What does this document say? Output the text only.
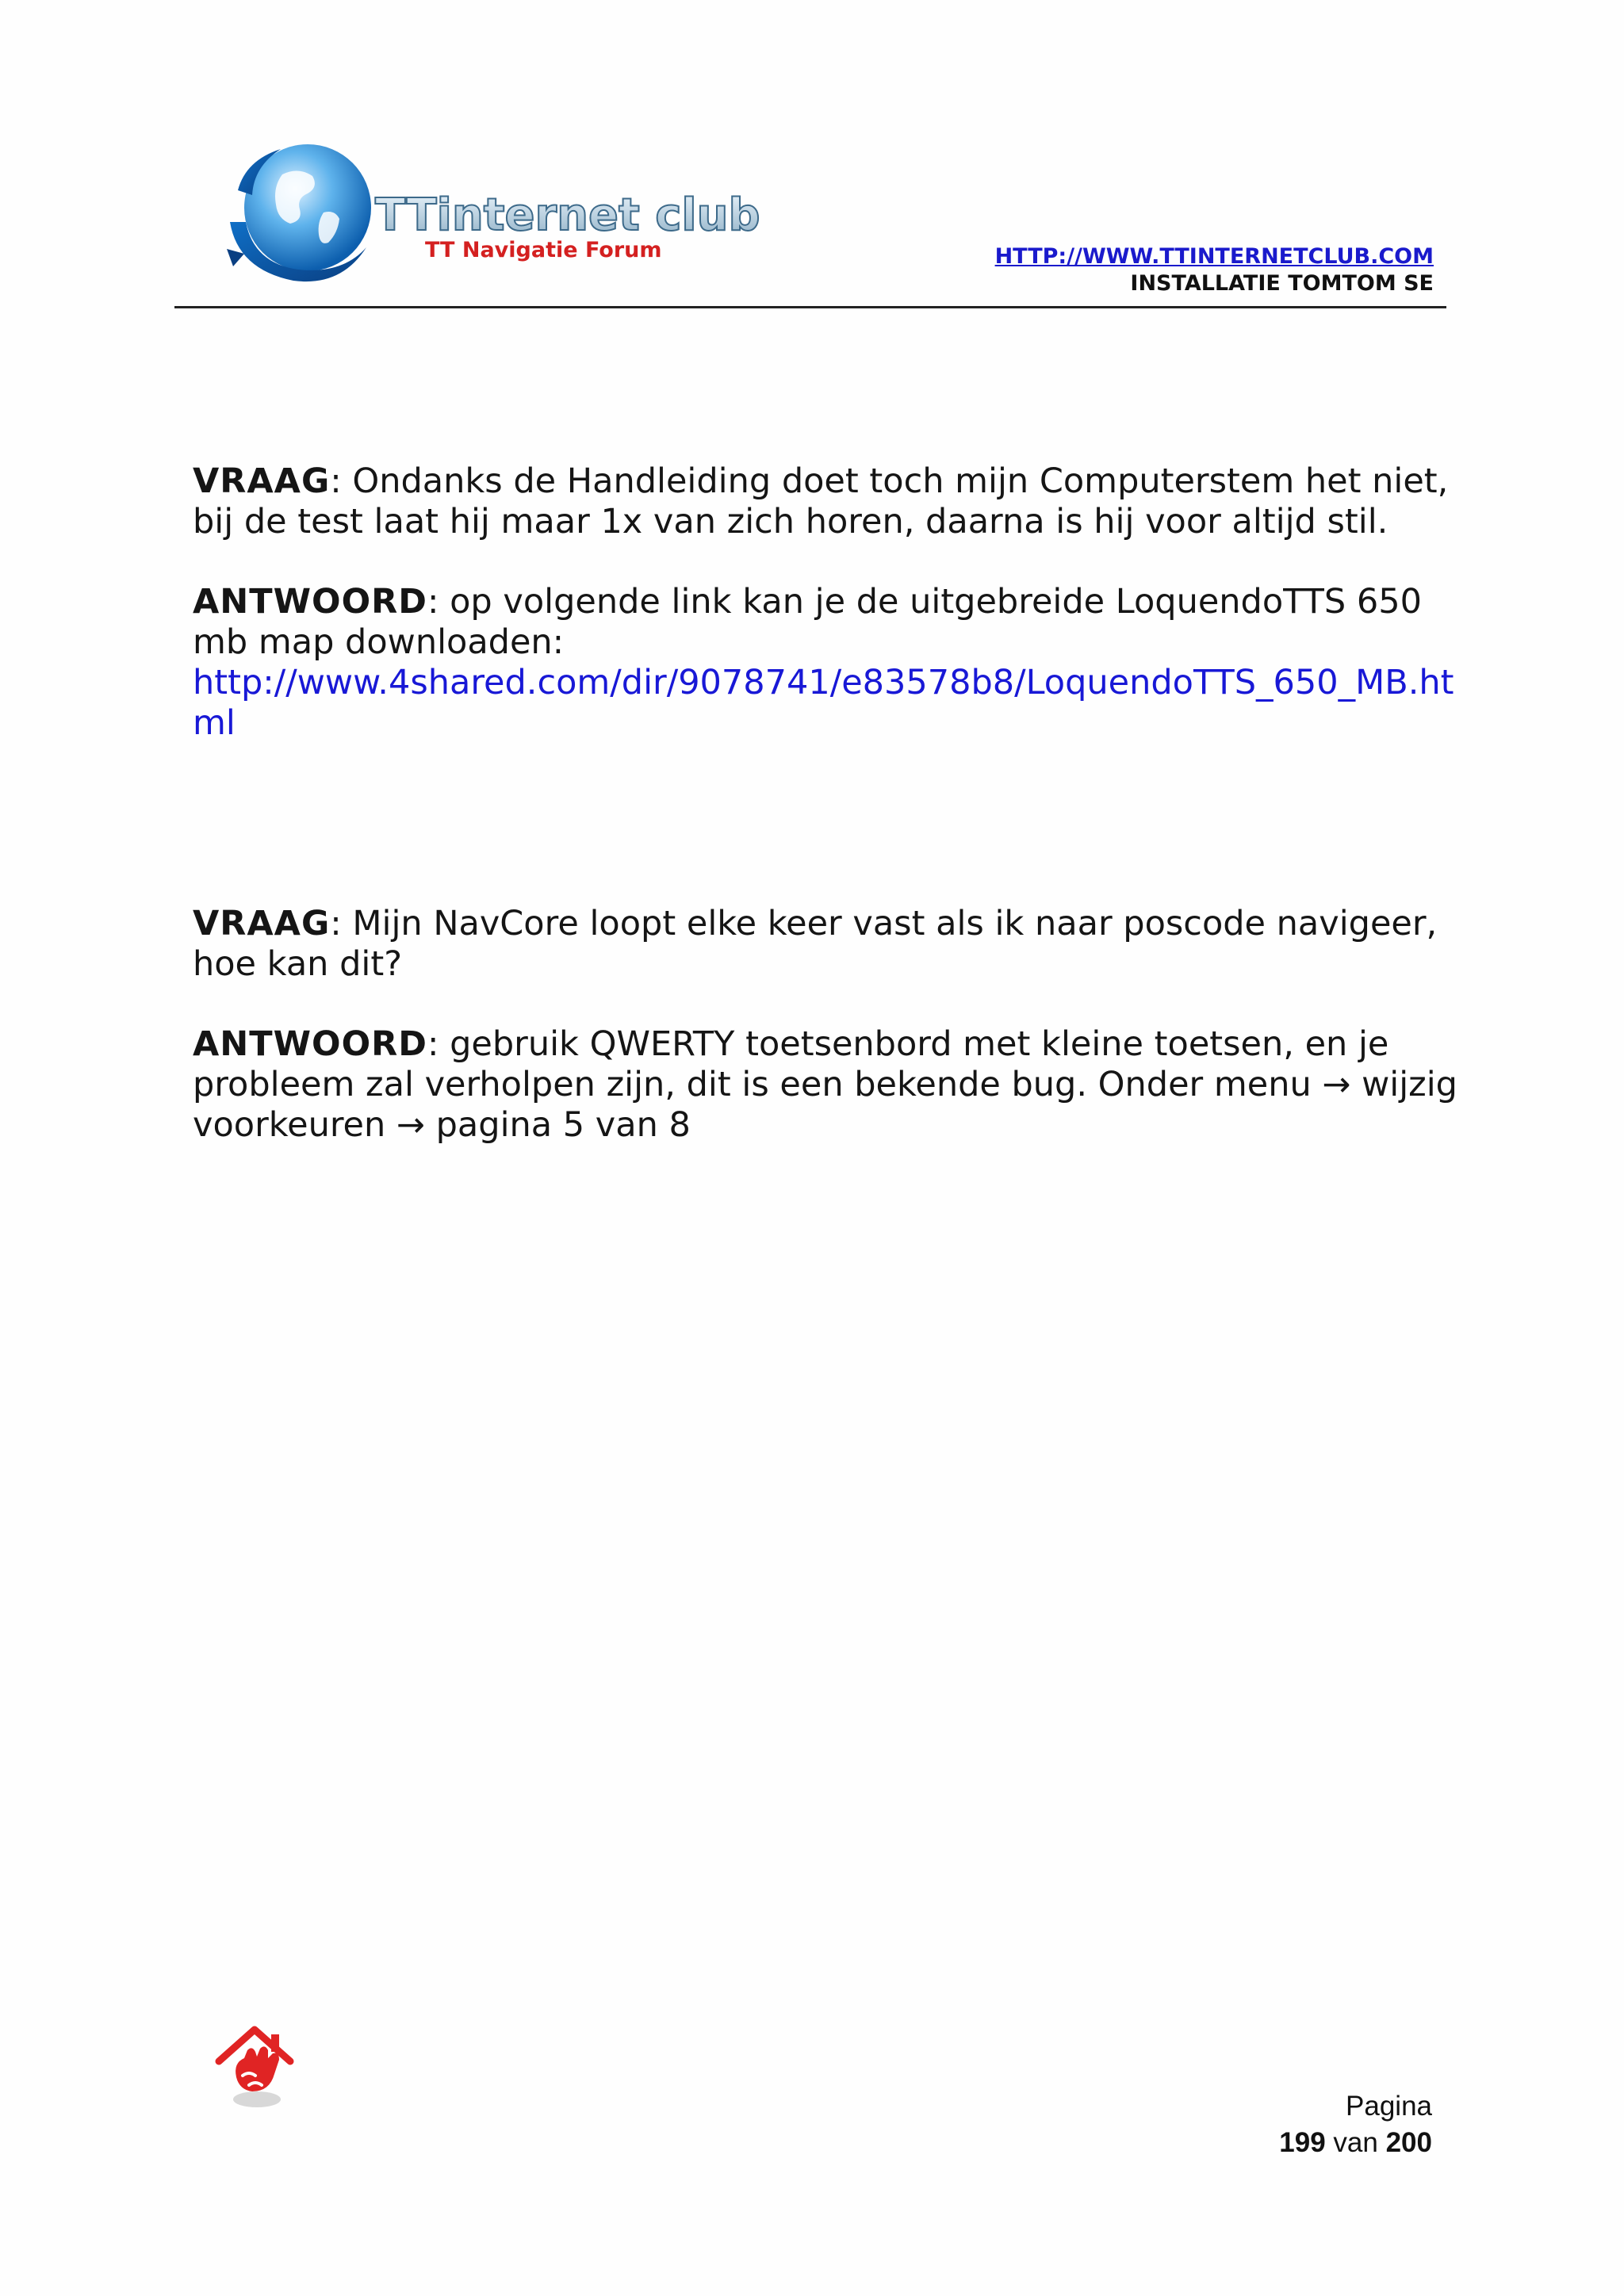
TTinternet club
TT Navigatie Forum	HTTP://WWW.TTINTERNETCLUB.COM
INSTALLATIE TOMTOM SE

VRAAG: Ondanks de Handleiding doet toch mijn Computerstem het niet, bij de test laat hij maar 1x van zich horen, daarna is hij voor altijd stil.

ANTWOORD: op volgende link kan je de uitgebreide LoquendoTTS 650 mb map downloaden:

http://www.4shared.com/dir/9078741/e83578b8/LoquendoTTS_650_MB.html

VRAAG: Mijn NavCore loopt elke keer vast als ik naar poscode navigeer, hoe kan dit?

ANTWOORD: gebruik QWERTY toetsenbord met kleine toetsen, en je probleem zal verholpen zijn, dit is een bekende bug. Onder menu → wijzig voorkeuren → pagina 5 van 8

Pagina
199 van 200
